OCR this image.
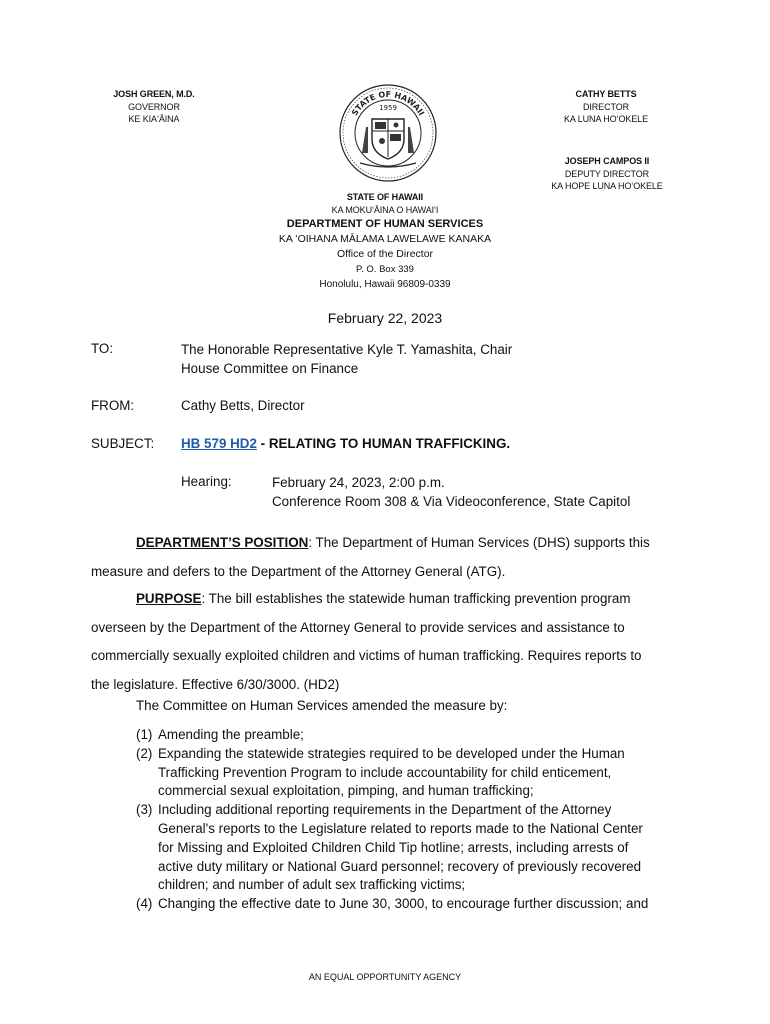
JOSH GREEN, M.D.
GOVERNOR
KE KIAʻĀINA
STATE OF HAWAII
1959
CATHY BETTS
DIRECTOR
KA LUNA HOʻOKELE
JOSEPH CAMPOS II
DEPUTY DIRECTOR
KA HOPE LUNA HOʻOKELE
STATE OF HAWAII
KA MOKUʻĀINA O HAWAIʻI
DEPARTMENT OF HUMAN SERVICES
KA ʻOIHANA MĀLAMA LAWELAWE KANAKA
Office of the Director
P. O. Box 339
Honolulu, Hawaii 96809-0339
February 22, 2023
TO:	The Honorable Representative Kyle T. Yamashita, Chair
House Committee on Finance
FROM:	Cathy Betts, Director
SUBJECT: HB 579 HD2 - RELATING TO HUMAN TRAFFICKING.
Hearing:	February 24, 2023, 2:00 p.m.
Conference Room 308 & Via Videoconference, State Capitol
DEPARTMENT’S POSITION: The Department of Human Services (DHS) supports this
measure and defers to the Department of the Attorney General (ATG).
PURPOSE: The bill establishes the statewide human trafficking prevention program
overseen by the Department of the Attorney General to provide services and assistance to
commercially sexually exploited children and victims of human trafficking. Requires reports to
the legislature. Effective 6/30/3000. (HD2)
The Committee on Human Services amended the measure by:
(1) Amending the preamble;
(2) Expanding the statewide strategies required to be developed under the Human
Trafficking Prevention Program to include accountability for child enticement,
commercial sexual exploitation, pimping, and human trafficking;
(3) Including additional reporting requirements in the Department of the Attorney
General's reports to the Legislature related to reports made to the National Center
for Missing and Exploited Children Child Tip hotline; arrests, including arrests of
active duty military or National Guard personnel; recovery of previously recovered
children; and number of adult sex trafficking victims;
(4) Changing the effective date to June 30, 3000, to encourage further discussion; and
AN EQUAL OPPORTUNITY AGENCY
